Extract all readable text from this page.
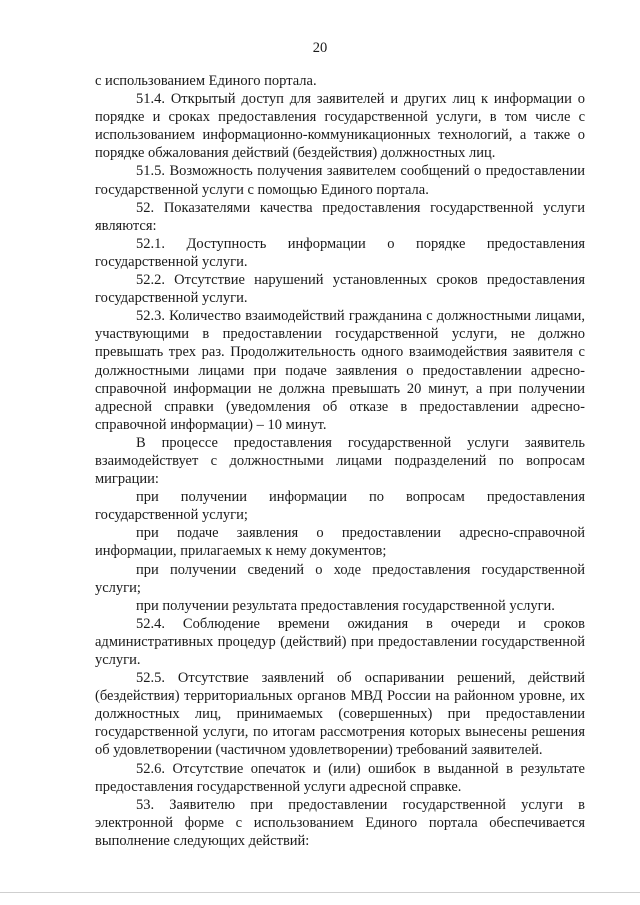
20

с использованием Единого портала.

51.4. Открытый доступ для заявителей и других лиц к информации о порядке и сроках предоставления государственной услуги, в том числе с использованием информационно-коммуникационных технологий, а также о порядке обжалования действий (бездействия) должностных лиц.

51.5. Возможность получения заявителем сообщений о предоставлении государственной услуги с помощью Единого портала.

52. Показателями качества предоставления государственной услуги являются:

52.1. Доступность информации о порядке предоставления государственной услуги.

52.2. Отсутствие нарушений установленных сроков предоставления государственной услуги.

52.3. Количество взаимодействий гражданина с должностными лицами, участвующими в предоставлении государственной услуги, не должно превышать трех раз. Продолжительность одного взаимодействия заявителя с должностными лицами при подаче заявления о предоставлении адресно-справочной информации не должна превышать 20 минут, а при получении адресной справки (уведомления об отказе в предоставлении адресно-справочной информации) – 10 минут.

В процессе предоставления государственной услуги заявитель взаимодействует с должностными лицами подразделений по вопросам миграции:

при получении информации по вопросам предоставления государственной услуги;

при подаче заявления о предоставлении адресно-справочной информации, прилагаемых к нему документов;

при получении сведений о ходе предоставления государственной услуги;

при получении результата предоставления государственной услуги.

52.4. Соблюдение времени ожидания в очереди и сроков административных процедур (действий) при предоставлении государственной услуги.

52.5. Отсутствие заявлений об оспаривании решений, действий (бездействия) территориальных органов МВД России на районном уровне, их должностных лиц, принимаемых (совершенных) при предоставлении государственной услуги, по итогам рассмотрения которых вынесены решения об удовлетворении (частичном удовлетворении) требований заявителей.

52.6. Отсутствие опечаток и (или) ошибок в выданной в результате предоставления государственной услуги адресной справке.

53. Заявителю при предоставлении государственной услуги в электронной форме с использованием Единого портала обеспечивается выполнение следующих действий:
